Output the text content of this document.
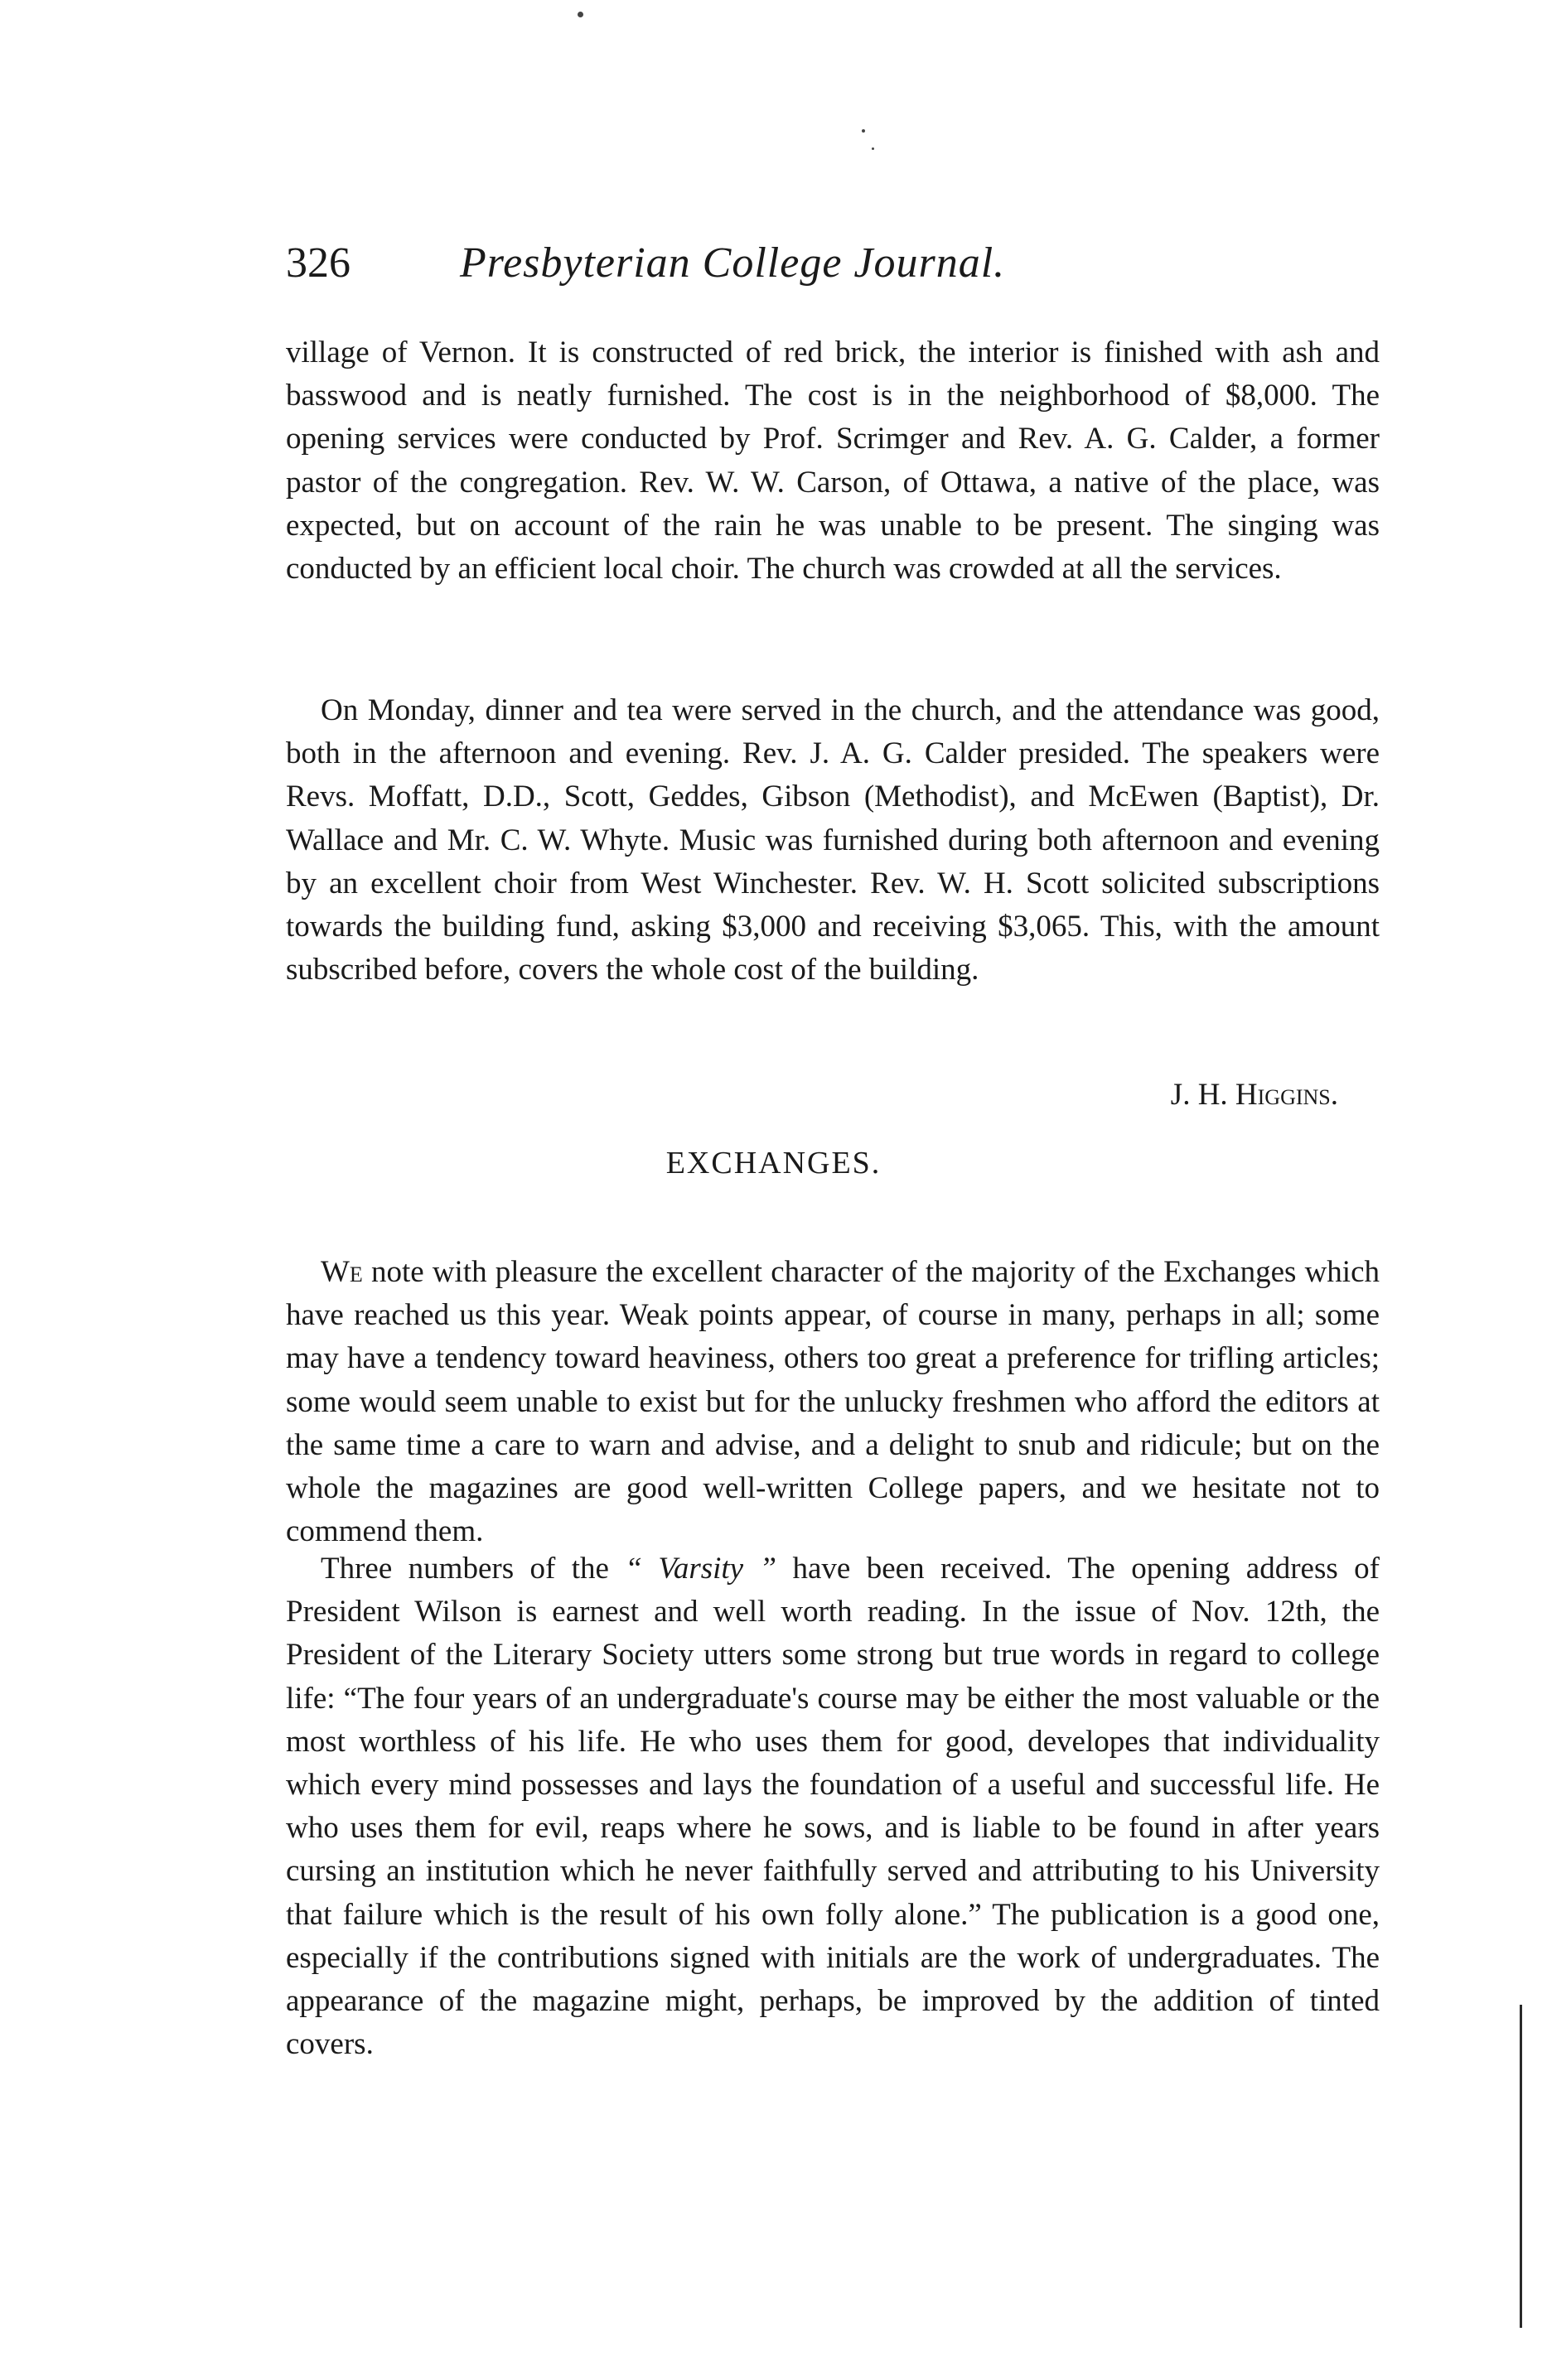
326	Presbyterian College Journal.

village of Vernon. It is constructed of red brick, the interior is finished with ash and basswood and is neatly furnished. The cost is in the neighborhood of $8,000. The opening services were conducted by Prof. Scrimger and Rev. A. G. Calder, a former pastor of the congregation. Rev. W. W. Carson, of Ottawa, a native of the place, was expected, but on account of the rain he was unable to be present. The singing was conducted by an efficient local choir. The church was crowded at all the services.

On Monday, dinner and tea were served in the church, and the attendance was good, both in the afternoon and evening. Rev. J. A. G. Calder presided. The speakers were Revs. Moffatt, D.D., Scott, Geddes, Gibson (Methodist), and McEwen (Baptist), Dr. Wallace and Mr. C. W. Whyte. Music was furnished during both afternoon and evening by an excellent choir from West Winchester. Rev. W. H. Scott solicited subscriptions towards the building fund, asking $3,000 and receiving $3,065. This, with the amount subscribed before, covers the whole cost of the building.

J. H. Higgins.
EXCHANGES.

We note with pleasure the excellent character of the majority of the Exchanges which have reached us this year. Weak points appear, of course in many, perhaps in all; some may have a tendency toward heaviness, others too great a preference for trifling articles; some would seem unable to exist but for the unlucky freshmen who afford the editors at the same time a care to warn and advise, and a delight to snub and ridicule; but on the whole the magazines are good well-written College papers, and we hesitate not to commend them.

Three numbers of the “ Varsity ” have been received. The opening address of President Wilson is earnest and well worth reading. In the issue of Nov. 12th, the President of the Literary Society utters some strong but true words in regard to college life: “The four years of an undergraduate's course may be either the most valuable or the most worthless of his life. He who uses them for good, developes that individuality which every mind possesses and lays the foundation of a useful and successful life. He who uses them for evil, reaps where he sows, and is liable to be found in after years cursing an institution which he never faithfully served and attributing to his University that failure which is the result of his own folly alone.” The publication is a good one, especially if the contributions signed with initials are the work of undergraduates. The appearance of the magazine might, perhaps, be improved by the addition of tinted covers.
